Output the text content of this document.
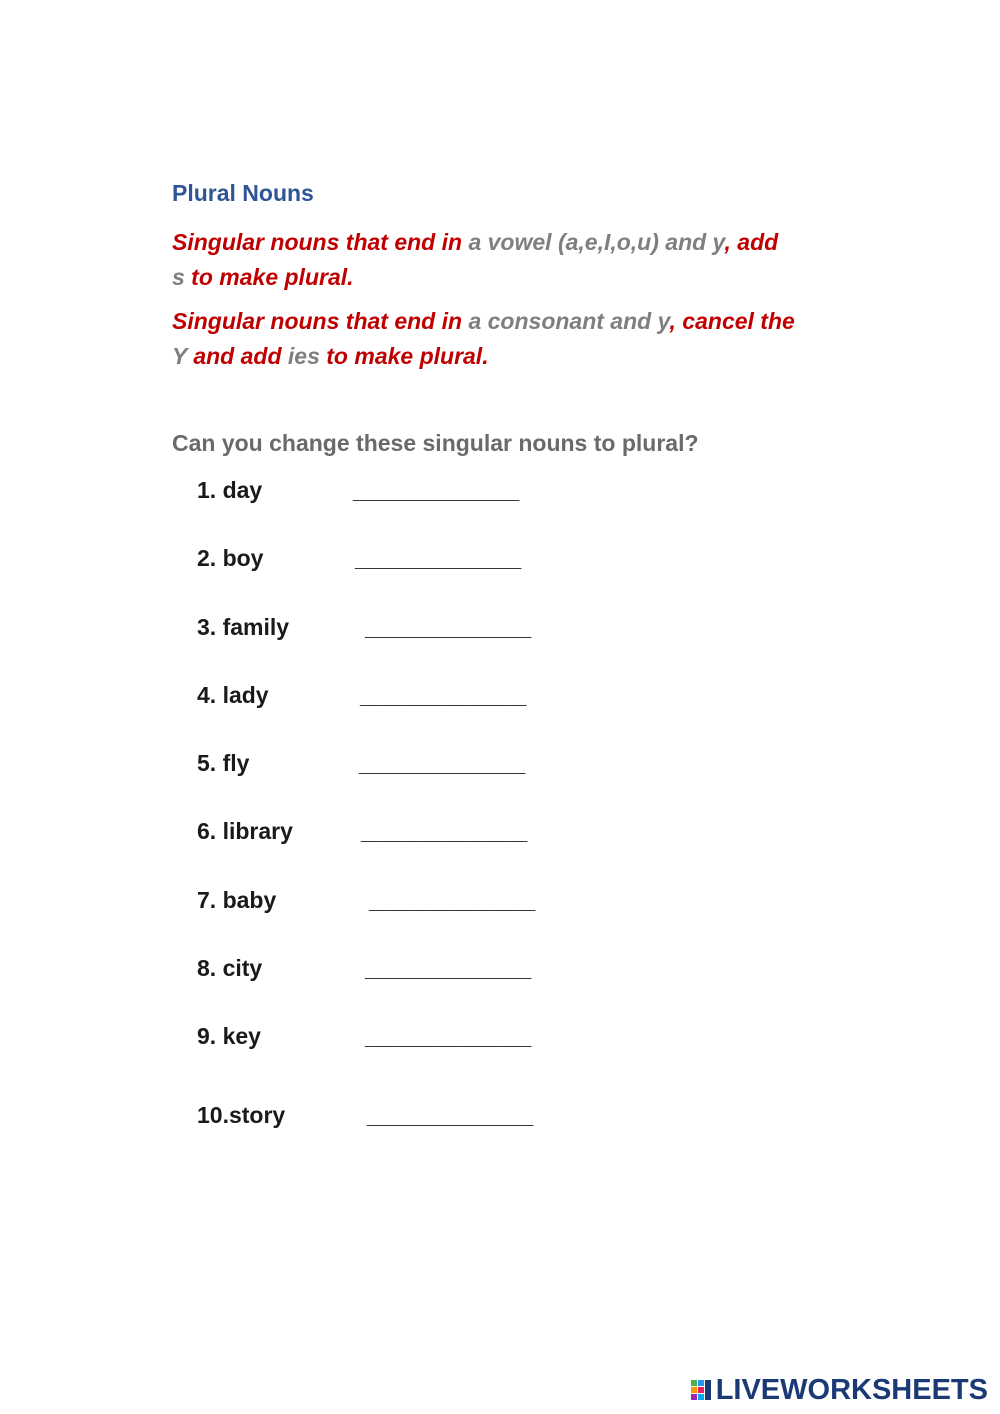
Plural Nouns
Singular nouns that end in a vowel (a,e,I,o,u) and y, add
s to make plural.
Singular nouns that end in a consonant and y, cancel the
Y and add ies to make plural.
Can you change these singular nouns to plural?
1. day	_____________
2. boy	_____________
3. family	_____________
4. lady	_____________
5. fly	_____________
6. library	_____________
7. baby	_____________
8. city	_____________
9. key	_____________
10.story	_____________
LIVEWORKSHEETS
